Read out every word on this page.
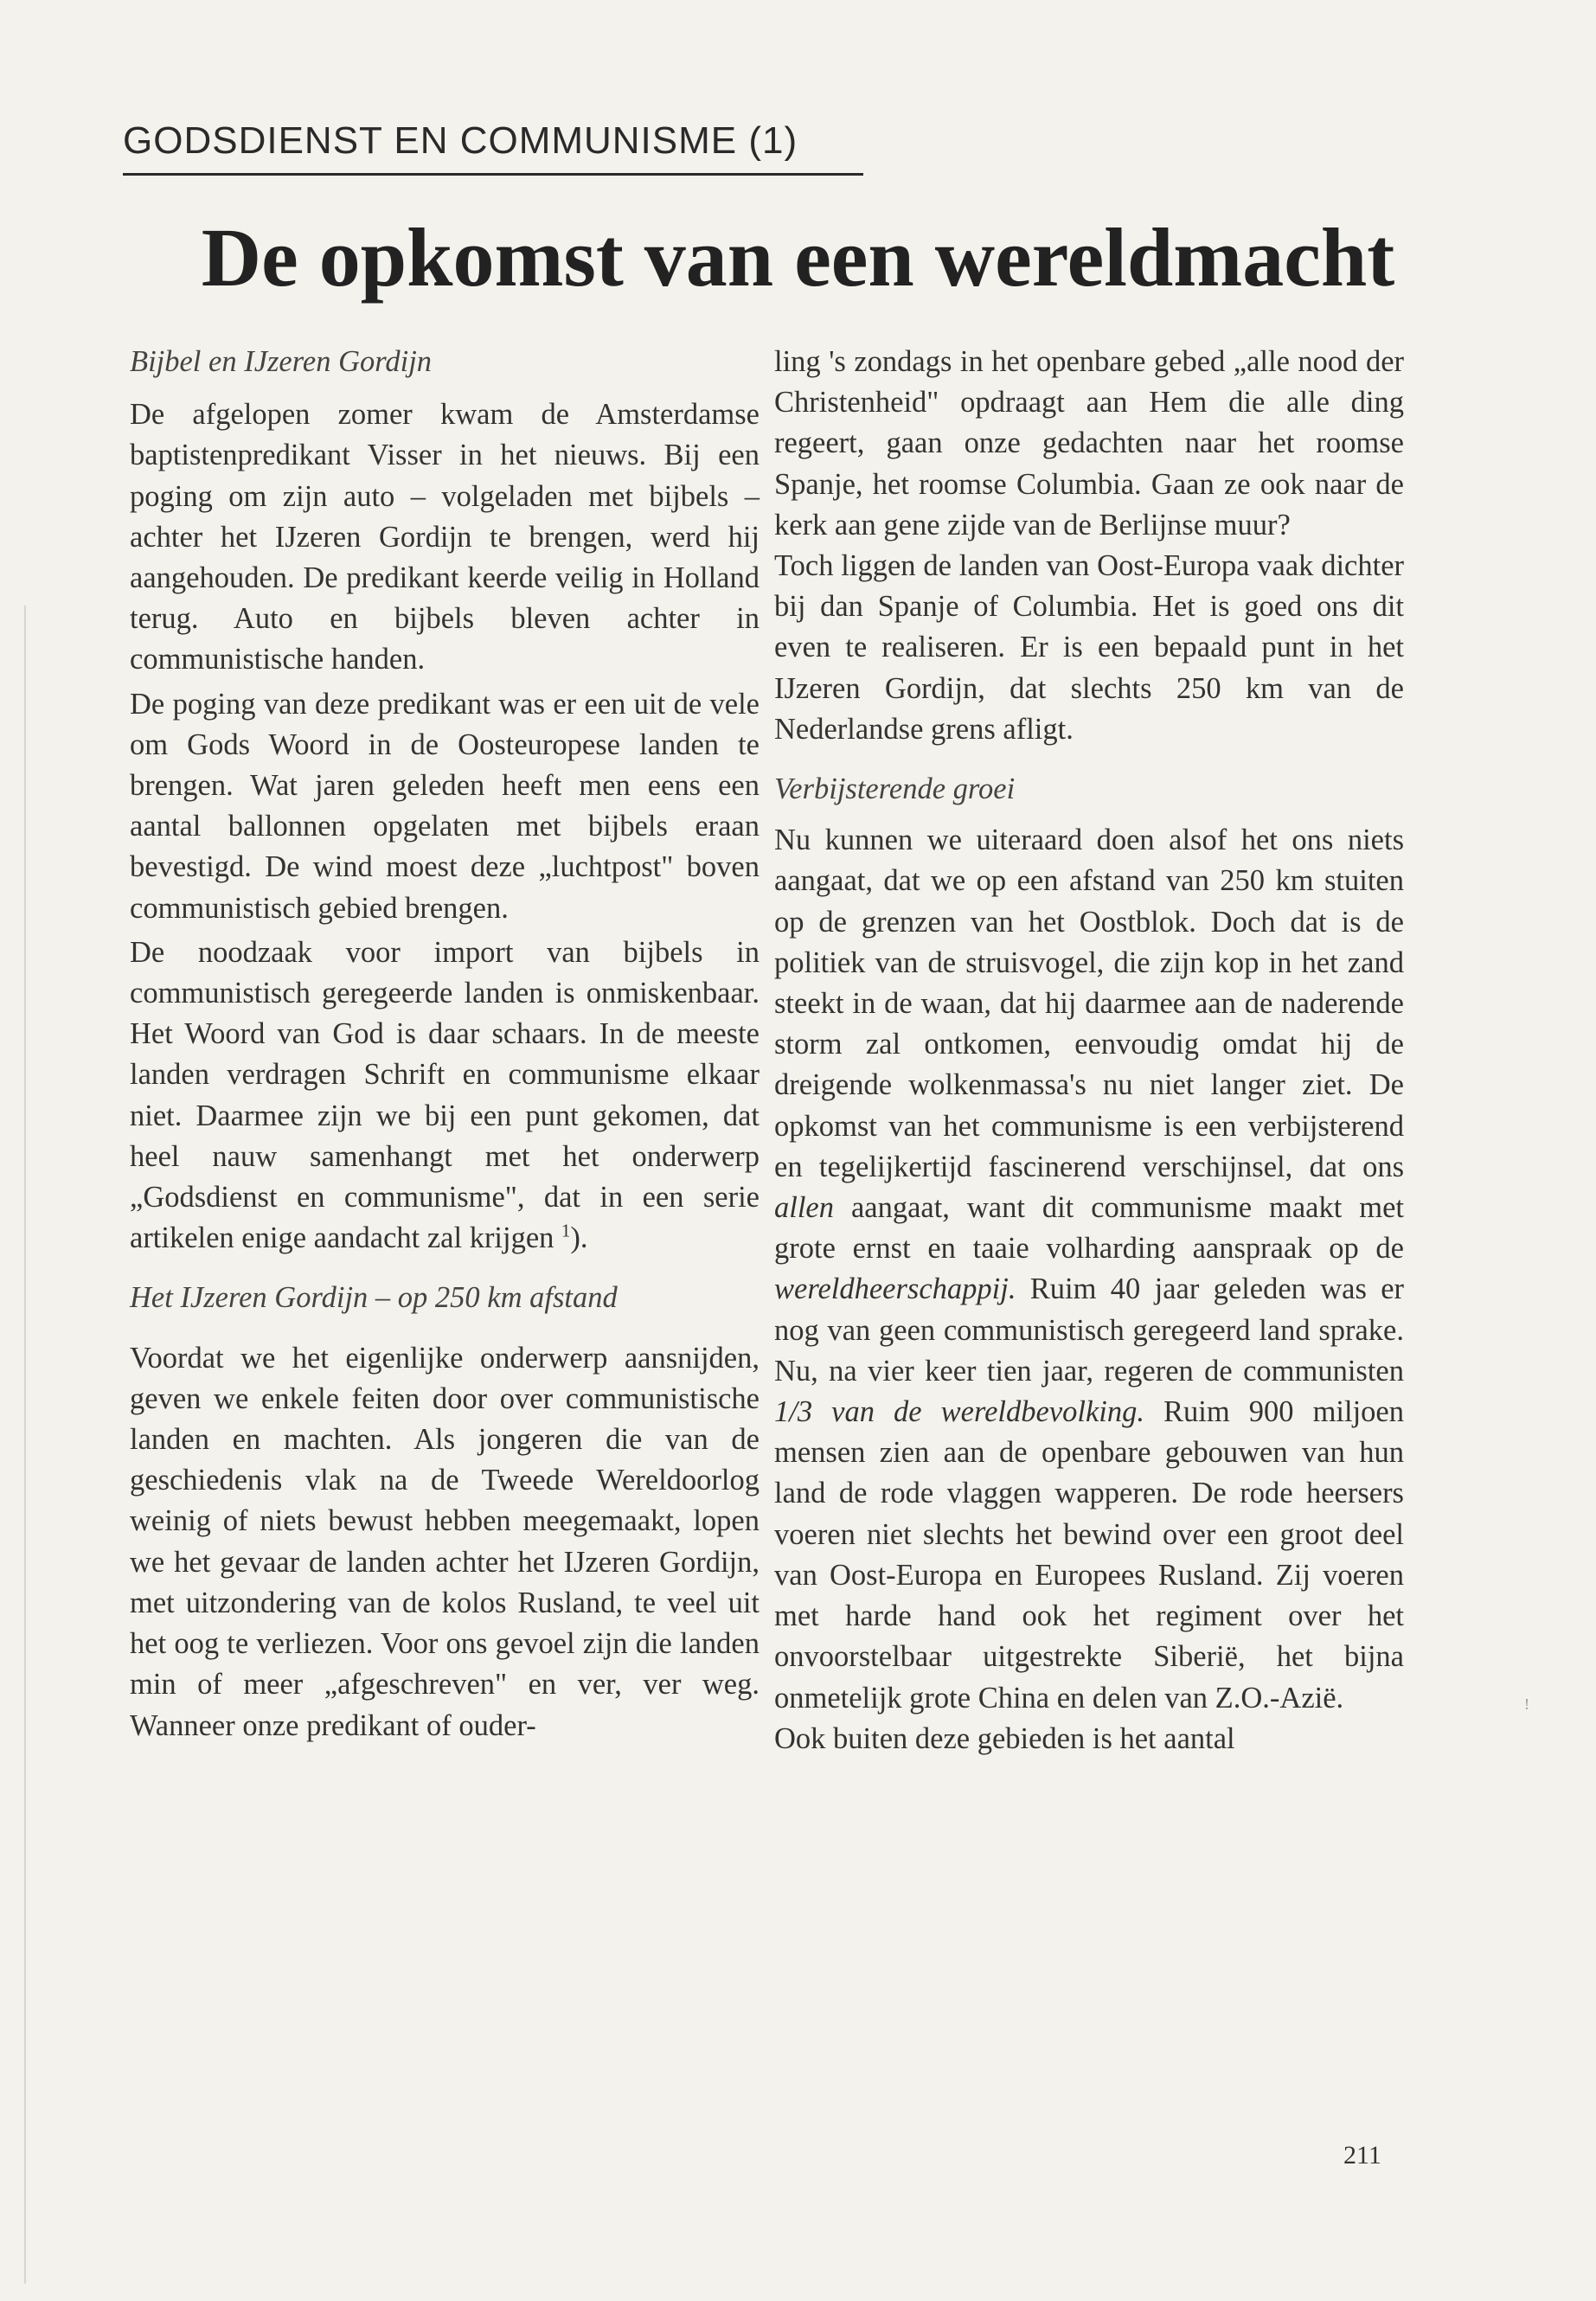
GODSDIENST EN COMMUNISME (1)
De opkomst van een wereldmacht

Bijbel en IJzeren Gordijn

De afgelopen zomer kwam de Amsterdamse baptistenpredikant Visser in het nieuws. Bij een poging om zijn auto – volgeladen met bijbels – achter het IJzeren Gordijn te brengen, werd hij aangehouden. De predikant keerde veilig in Holland terug. Auto en bijbels bleven achter in communistische handen.

De poging van deze predikant was er een uit de vele om Gods Woord in de Oosteuropese landen te brengen. Wat jaren geleden heeft men eens een aantal ballonnen opgelaten met bijbels eraan bevestigd. De wind moest deze „luchtpost" boven communistisch gebied brengen.

De noodzaak voor import van bijbels in communistisch geregeerde landen is onmiskenbaar. Het Woord van God is daar schaars. In de meeste landen verdragen Schrift en communisme elkaar niet. Daarmee zijn we bij een punt gekomen, dat heel nauw samenhangt met het onderwerp „Godsdienst en communisme", dat in een serie artikelen enige aandacht zal krijgen $^1$).

Het IJzeren Gordijn – op 250 km afstand

Voordat we het eigenlijke onderwerp aansnijden, geven we enkele feiten door over communistische landen en machten. Als jongeren die van de geschiedenis vlak na de Tweede Wereldoorlog weinig of niets bewust hebben meegemaakt, lopen we het gevaar de landen achter het IJzeren Gordijn, met uitzondering van de kolos Rusland, te veel uit het oog te verliezen. Voor ons gevoel zijn die landen min of meer „afgeschreven" en ver, ver weg. Wanneer onze predikant of ouder-

ling 's zondags in het openbare gebed „alle nood der Christenheid" opdraagt aan Hem die alle ding regeert, gaan onze gedachten naar het roomse Spanje, het roomse Columbia. Gaan ze ook naar de kerk aan gene zijde van de Berlijnse muur?

Toch liggen de landen van Oost-Europa vaak dichter bij dan Spanje of Columbia. Het is goed ons dit even te realiseren. Er is een bepaald punt in het IJzeren Gordijn, dat slechts 250 km van de Nederlandse grens afligt.

Verbijsterende groei

Nu kunnen we uiteraard doen alsof het ons niets aangaat, dat we op een afstand van 250 km stuiten op de grenzen van het Oostblok. Doch dat is de politiek van de struisvogel, die zijn kop in het zand steekt in de waan, dat hij daarmee aan de naderende storm zal ontkomen, eenvoudig omdat hij de dreigende wolkenmassa's nu niet langer ziet. De opkomst van het communisme is een verbijsterend en tegelijkertijd fascinerend verschijnsel, dat ons allen aangaat, want dit communisme maakt met grote ernst en taaie volharding aanspraak op de wereldheerschappij. Ruim 40 jaar geleden was er nog van geen communistisch geregeerd land sprake. Nu, na vier keer tien jaar, regeren de communisten 1/3 van de wereldbevolking. Ruim 900 miljoen mensen zien aan de openbare gebouwen van hun land de rode vlaggen wapperen. De rode heersers voeren niet slechts het bewind over een groot deel van Oost-Europa en Europees Rusland. Zij voeren met harde hand ook het regiment over het onvoorstelbaar uitgestrekte Siberië, het bijna onmetelijk grote China en delen van Z.O.-Azië.

Ook buiten deze gebieden is het aantal

!
211
